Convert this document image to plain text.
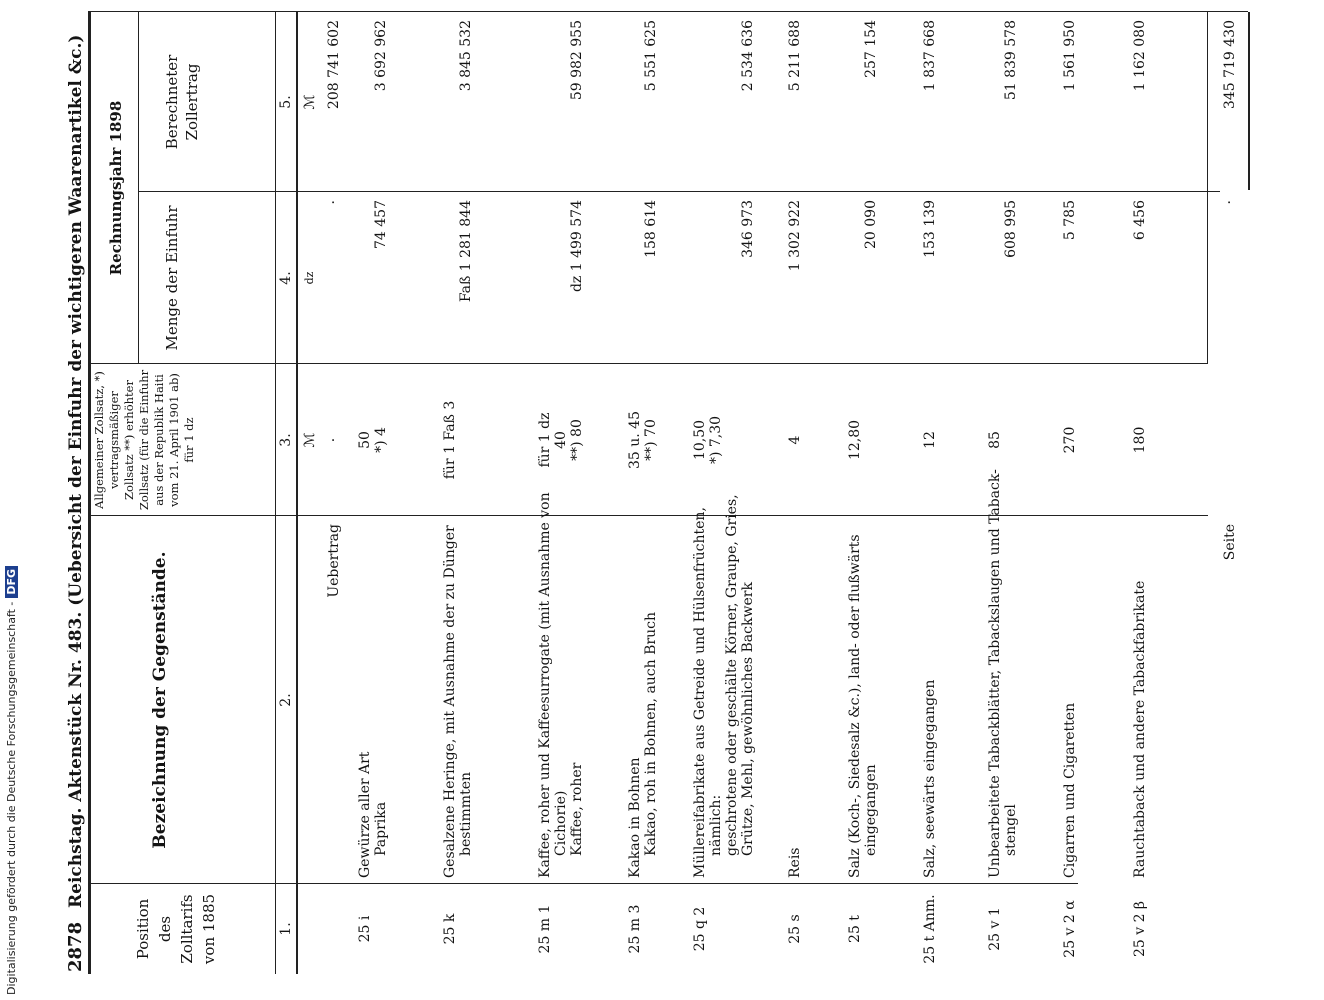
2878
Reichstag. Aktenstück Nr. 483. (Uebersicht der Einfuhr der wichtigeren Waarenartikel &c.)
Position des Zolltarifs von 1885
Bezeichnung der Gegenstände.
Allgemeiner Zollsatz, *) vertragsmäßiger Zollsatz **) erhöhter Zollsatz (für die Einfuhr aus der Republik Haiti vom 21. April 1901 ab) für 1 dz
Rechnungsjahr 1898
Menge der Einfuhr
Berechneter Zollertrag
1.
2.
3.
4.
5.
ℳ
dz
ℳ
Uebertrag
·
·
208 741 602
25 i
Gewürze aller Art Paprika
50 *) 4
74 457
3 692 962
25 k
Gesalzene Heringe, mit Ausnahme der zu Dünger bestimmten
für 1 Faß 3
Faß 1 281 844
3 845 532
25 m 1
Kaffee, roher und Kaffeesurrogate (mit Ausnahme von Cichorie) Kaffee, roher
für 1 dz 40 **) 80
dz 1 499 574
59 982 955
25 m 3
Kakao in Bohnen Kakao, roh in Bohnen, auch Bruch
35 u. 45 **) 70
158 614
5 551 625
25 q 2
Müllereifabrikate aus Getreide und Hülsenfrüchten, nämlich: geschrotene oder geschälte Körner, Graupe, Gries, Grütze, Mehl, gewöhnliches Backwerk
10,50 *) 7,30
346 973
2 534 636
25 s
Reis
4
1 302 922
5 211 688
25 t
Salz (Koch-, Siedesalz &c.), land- oder flußwärts eingegangen
12,80
20 090
257 154
25 t Anm.
Salz, seewärts eingegangen
12
153 139
1 837 668
25 v 1
Unbearbeitete Tabackblätter, Tabackslaugen und Taback- stengel
85
608 995
51 839 578
25 v 2 α
Cigarren und Cigaretten
270
5 785
1 561 950
25 v 2 β
Rauchtaback und andere Tabackfabrikate
180
6 456
1 162 080
Seite
·
345 719 430
Digitalisierung gefördert durch die Deutsche Forschungsgemeinschaft -DFG
